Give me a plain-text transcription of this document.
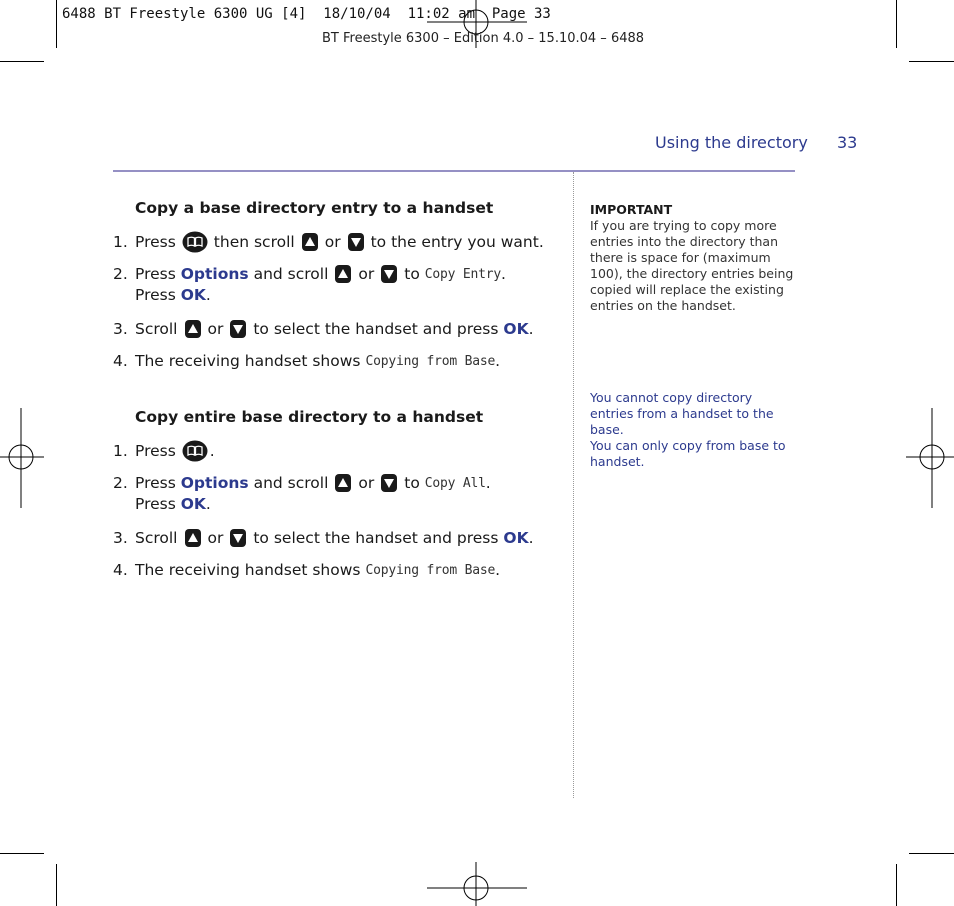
6488 BT Freestyle 6300 UG [4]  18/10/04  11:02 am  Page 33
BT Freestyle 6300 – Edition 4.0 – 15.10.04 – 6488
Using the directory 33
Copy a base directory entry to a handset
1. Press then scroll or to the entry you want.
2. Press
Options
and scroll or to
Copy Entry .
Press
OK .
3. Scroll or to select the handset and press
OK .
4. The receiving handset shows
Copying from Base .
Copy entire base directory to a handset
1. Press .
2. Press
Options
and scroll or to
Copy All .
Press
OK .
3. Scroll or to select the handset and press
OK .
4. The receiving handset shows
Copying from Base .
IMPORTANT
If you are trying to copy more entries into the directory than there is space for (maximum 100), the directory entries being copied will replace the existing entries on the handset.
You cannot copy directory entries from a handset to the base.
You can only copy from base to handset.
